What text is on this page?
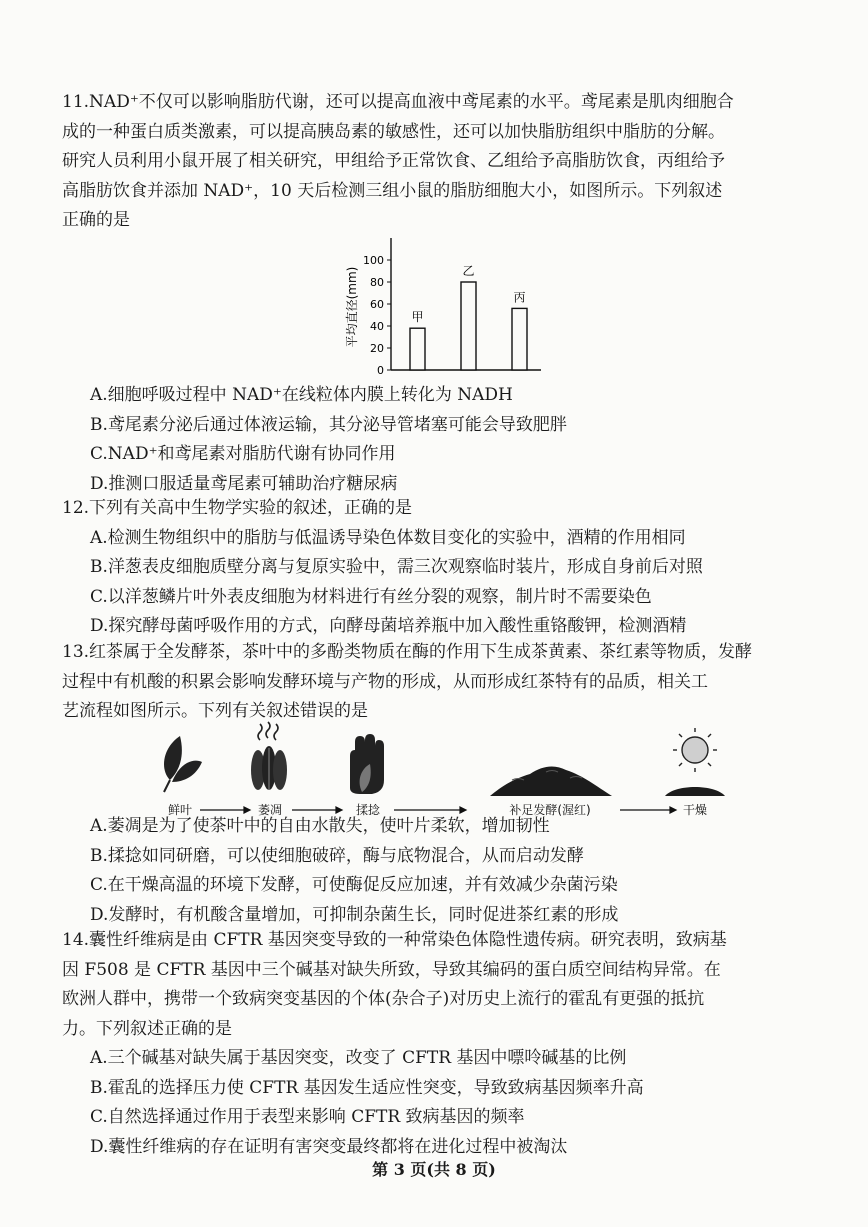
11.NAD⁺不仅可以影响脂肪代谢，还可以提高血液中鸢尾素的水平。鸢尾素是肌肉细胞合

成的一种蛋白质类激素，可以提高胰岛素的敏感性，还可以加快脂肪组织中脂肪的分解。

研究人员利用小鼠开展了相关研究，甲组给予正常饮食、乙组给予高脂肪饮食，丙组给予

高脂肪饮食并添加 NAD⁺，10 天后检测三组小鼠的脂肪细胞大小，如图所示。下列叙述

正确的是

平均直径(mm)
0
20
40
60
80
100
甲
乙
丙
A.细胞呼吸过程中 NAD⁺在线粒体内膜上转化为 NADH
B.鸢尾素分泌后通过体液运输，其分泌导管堵塞可能会导致肥胖
C.NAD⁺和鸢尾素对脂肪代谢有协同作用
D.推测口服适量鸢尾素可辅助治疗糖尿病

12.下列有关高中生物学实验的叙述，正确的是

A.检测生物组织中的脂肪与低温诱导染色体数目变化的实验中，酒精的作用相同
B.洋葱表皮细胞质壁分离与复原实验中，需三次观察临时装片，形成自身前后对照
C.以洋葱鳞片叶外表皮细胞为材料进行有丝分裂的观察，制片时不需要染色
D.探究酵母菌呼吸作用的方式，向酵母菌培养瓶中加入酸性重铬酸钾，检测酒精

13.红茶属于全发酵茶，茶叶中的多酚类物质在酶的作用下生成茶黄素、茶红素等物质，发酵

过程中有机酸的积累会影响发酵环境与产物的形成，从而形成红茶特有的品质，相关工

艺流程如图所示。下列有关叙述错误的是

鲜叶	萎凋	揉捻	补足发酵(渥红)	干燥
A.萎凋是为了使茶叶中的自由水散失，使叶片柔软，增加韧性
B.揉捻如同研磨，可以使细胞破碎，酶与底物混合，从而启动发酵
C.在干燥高温的环境下发酵，可使酶促反应加速，并有效减少杂菌污染
D.发酵时，有机酸含量增加，可抑制杂菌生长，同时促进茶红素的形成

14.囊性纤维病是由 CFTR 基因突变导致的一种常染色体隐性遗传病。研究表明，致病基

因 F508 是 CFTR 基因中三个碱基对缺失所致，导致其编码的蛋白质空间结构异常。在

欧洲人群中，携带一个致病突变基因的个体(杂合子)对历史上流行的霍乱有更强的抵抗

力。下列叙述正确的是

A.三个碱基对缺失属于基因突变，改变了 CFTR 基因中嘌呤碱基的比例
B.霍乱的选择压力使 CFTR 基因发生适应性突变，导致致病基因频率升高
C.自然选择通过作用于表型来影响 CFTR 致病基因的频率
D.囊性纤维病的存在证明有害突变最终都将在进化过程中被淘汰
第 3 页(共 8 页)
